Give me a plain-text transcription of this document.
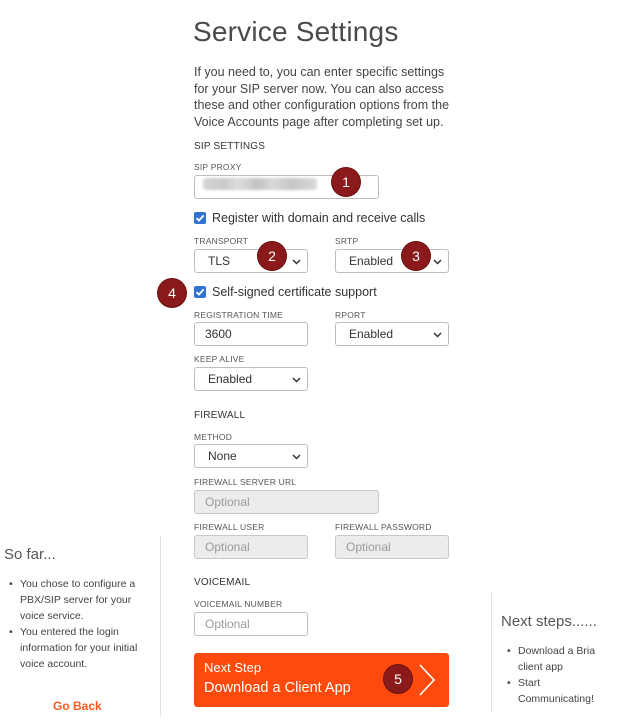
Service Settings

If you need to, you can enter specific settings for your SIP server now. You can also access these and other configuration options from the Voice Accounts page after completing set up.

SIP SETTINGS
SIP PROXY
1
Register with domain and receive calls
TRANSPORT
TLS	2
SRTP
Enabled	3
4	Self-signed certificate support
REGISTRATION TIME
3600
RPORT
Enabled
KEEP ALIVE
Enabled
FIREWALL
METHOD
None
FIREWALL SERVER URL
Optional
FIREWALL USER
Optional
FIREWALL PASSWORD
Optional
VOICEMAIL
VOICEMAIL NUMBER
Optional
Next Step
Download a Client App
5
So far...
• You chose to configure a PBX/SIP server for your voice service.
• You entered the login information for your initial voice account.
Go Back
Next steps......
• Download a Bria client app
• Start Communicating!
